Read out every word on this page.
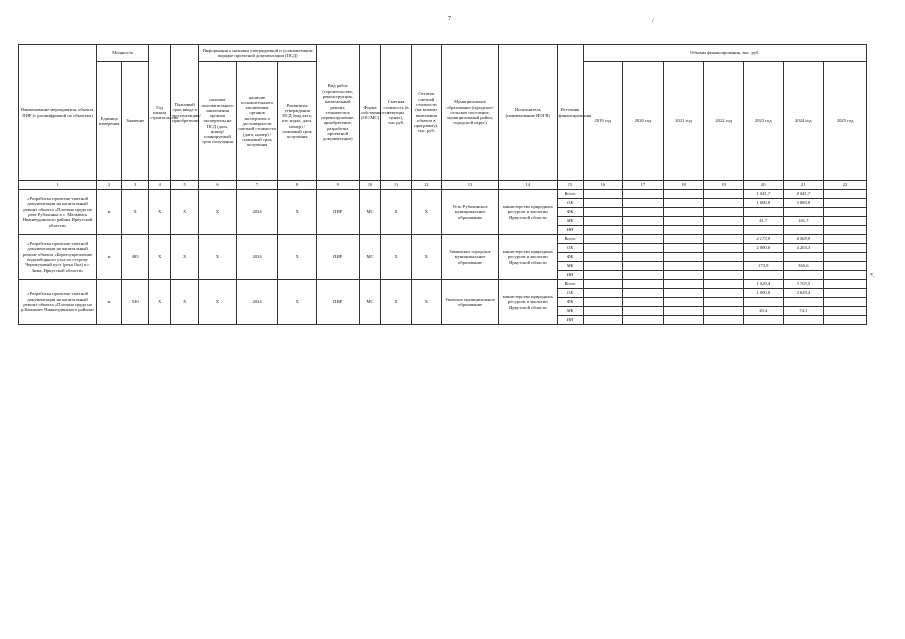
7	/
*.
Наименование мероприятия, объекта, ПИР (с расшифровкой по объектам)	Мощность		Год начала строительства	Плановый срок ввода в эксплуатацию/приобретения	Информация о наличии утвержденной и установленном порядке проектной документации (ПСД)			Вид работ (строительство, реконструкция, капитальный ремонт, техническое перевооружение, приобретение, разработка проектной документации)	Форма собственности (ОС/МС)	Сметная стоимость (в текущих ценах), тыс.руб.	Остаток сметной стоимости (на момент включения объекта в программу), тыс. руб.	Муниципальное образование (городское/сельское поселение, муниципальный район, городской округ)	Исполнитель (наименование ИОГВ)	Источник финансирования	Объемы финансирования, тыс. руб.						
	Единица измерения	Значение			наличие положительного заключения органов экспертизы на ПСД (дата, номер/планируемый срок получения	наличие положительного заключения органов экспертизы о достоверности сметной стоимости (дата, номер) / плановый срок получения	Реквизиты утверждения ПСД (вид акта, кто издал, дата, номер) / плановый срок получения								2019 год	2020 год	2021 год	2022 год	2023 год	2024 год	2025 год
1	2	3	4	5	6	7	8	9	10	11	12	13	14	15	16	17	18	19	20	21	22
«Разработка проектно-сметной документации на капитальный ремонт объекта «Плотина пруда на реке Рубахинка в с. Мальинск Нижнеудинского района Иркутской области»	м	X	X	X	X	2024	X	ПИР	МС	X	X	Усть-Рубахинское муниципальное образование	министерство природных ресурсов и экологии Иркутской области	Всего					1 041,7	4 041,7	
														ОБ					1 000,0	3 880,0	
														ФБ							
														МБ					41,7	161,7	
														ИИ							
«Разработка проектно-сметной документации на капитальный ремонт объекта «Берегоукрепление водозаборного узла по острову Черемуховый куст (река Ока) в г. Зима, Иркутской области»	м	485	X	X	X	2024	X	ПИР	МС	X	X	Зиминское городское муниципальное образование	министерство природных ресурсов и экологии Иркутской области	Всего					2 173,9	4 569,9	
														ОБ					2 000,0	4 204,3	
														ФБ							
														МБ					173,9	365,6	
														ИИ							
«Разработка проектно-сметной документации на капитальный ремонт объекта «Плотина пруда на р.Камышет Нижнеудинского района»	м	540	X	X	X	2024	X	ПИР	МС	X	X	Уковское муниципальное образование	министерство природных ресурсов и экологии Иркутской области	Всего					1 020,4	3 703,5	
														ОБ					1 000,0	3 629,4	
														ФБ							
														МБ					20,4	74,1	
														ИИ							
